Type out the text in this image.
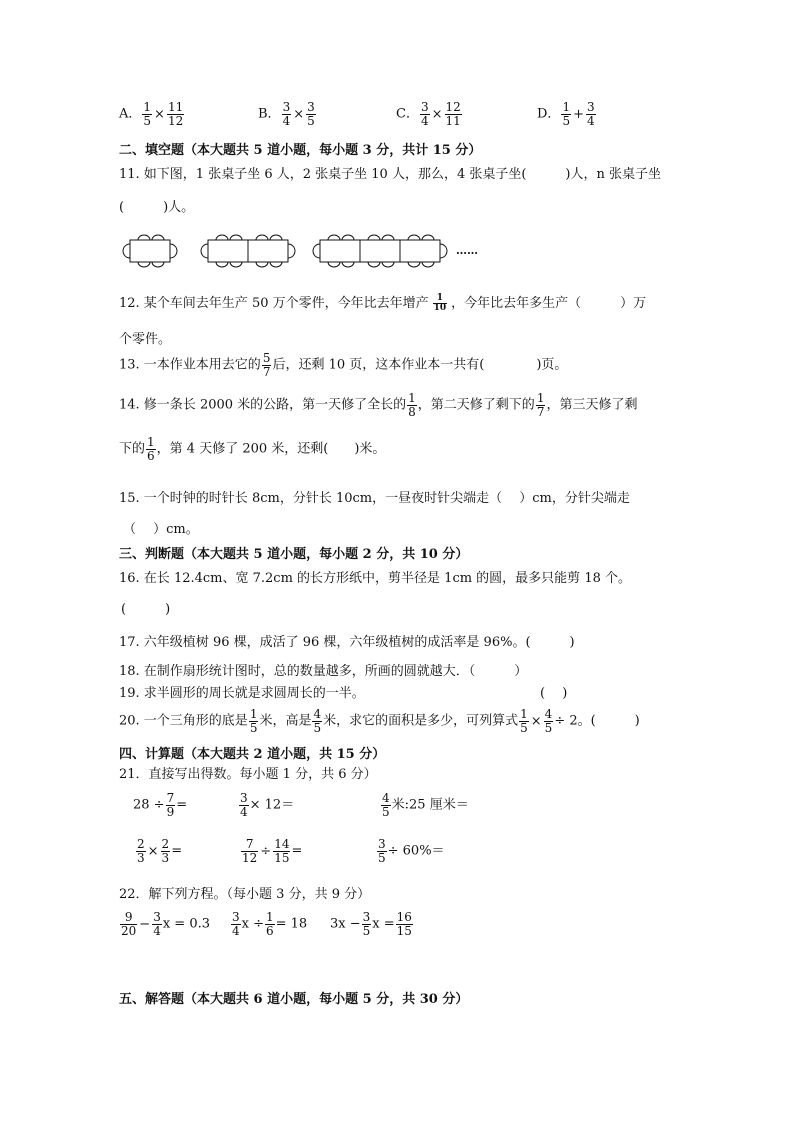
A． $\frac{1}{5} \times \frac{11}{12}$	B． $\frac{3}{4} \times \frac{3}{5}$	C． $\frac{3}{4} \times \frac{12}{11}$	D． $\frac{1}{5} + \frac{3}{4}$
二、填空题（本大题共 5 道小题，每小题 3 分，共计 15 分）
11. 如下图，1 张桌子坐 6 人，2 张桌子坐 10 人，那么，4 张桌子坐(　　　)人，n 张桌子坐
(　　　)人。
……
12. 某个车间去年生产 50 万个零件，今年比去年增产 $\frac{1}{10}$ ，今年比去年多生产（　　　）万
个零件。
13. 一本作业本用去它的 $\frac{5}{7}$ 后，还剩 10 页，这本作业本一共有(　　　　)页。
14. 修一条长 2000 米的公路，第一天修了全长的 $\frac{1}{8}$ ，第二天修了剩下的 $\frac{1}{7}$ ，第三天修了剩
下的 $\frac{1}{6}$ ，第 4 天修了 200 米，还剩(　　)米。
15. 一个时钟的时针长 8cm，分针长 10cm，一昼夜时针尖端走（　 ）cm，分针尖端走
（　 ）cm。
三、判断题（本大题共 5 道小题，每小题 2 分，共 10 分）
16. 在长 12.4cm、宽 7.2cm 的长方形纸中，剪半径是 1cm 的圆，最多只能剪 18 个。
(　　　)
17. 六年级植树 96 棵，成活了 96 棵，六年级植树的成活率是 96%。(　　　)
18. 在制作扇形统计图时，总的数量越多，所画的圆就越大．（　　　）
19. 求半圆形的周长就是求圆周长的一半。	(　 )
20. 一个三角形的底是 $\frac{1}{5}$ 米，高是 $\frac{4}{5}$ 米，求它的面积是多少，可列算式 $\frac{1}{5} \times \frac{4}{5} \div 2$。(　　　)
四、计算题（本大题共 2 道小题，共 15 分）
21．直接写出得数。每小题 1 分，共 6 分）
$28 \div \frac{7}{9}$ =	$\frac{3}{4} \times 12=$	$\frac{4}{5}$ 米:25 厘米＝
$\frac{2}{3} \times \frac{2}{3}$ =	$\frac{7}{12} \div \frac{14}{15}$ =	$\frac{3}{5} \div 60\%=$
22．解下列方程。（每小题 3 分，共 9 分）
$\frac{9}{20} - \frac{3}{4}$ $x = 0.3 \frac{3}{4}$ $x \div \frac{1}{6} = 18$ $3x - \frac{3}{5}$ $x = \frac{16}{15}$
五、解答题（本大题共 6 道小题，每小题 5 分，共 30 分）
